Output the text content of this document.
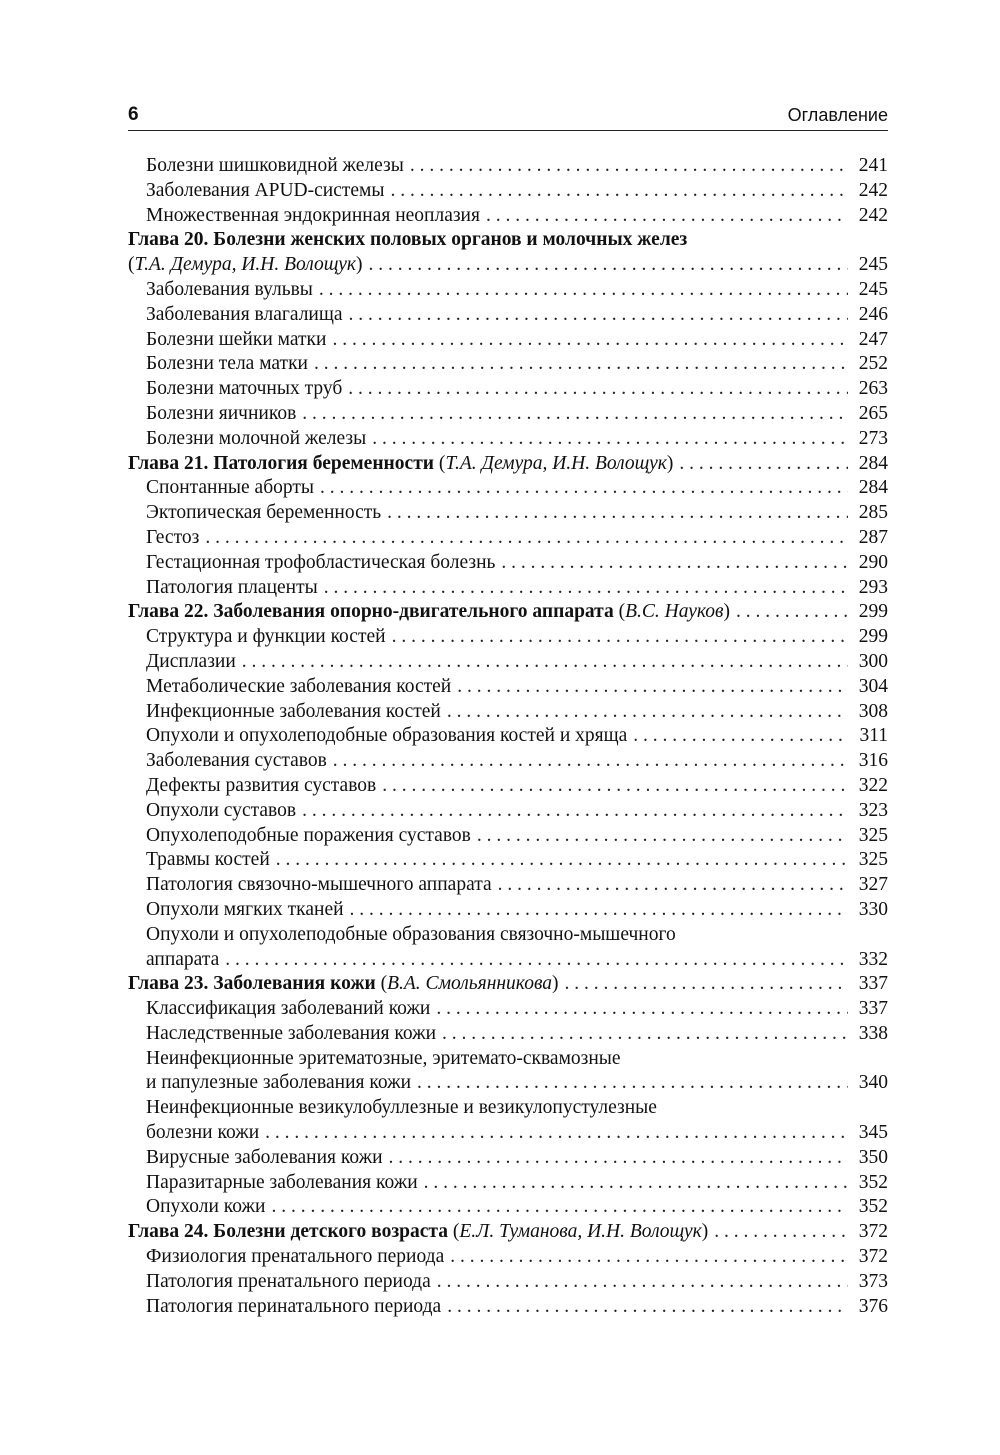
6	Оглавление
Болезни шишковидной железы . . .	241
Заболевания APUD-системы . . .	242
Множественная эндокринная неоплазия . . .	242
Глава 20. Болезни женских половых органов и молочных желез
(Т.А. Демура, И.Н. Волощук) . . .	245
Заболевания вульвы . . .	245
Заболевания влагалища . . .	246
Болезни шейки матки . . .	247
Болезни тела матки . . .	252
Болезни маточных труб . . .	263
Болезни яичников . . .	265
Болезни молочной железы . . .	273
Глава 21. Патология беременности (Т.А. Демура, И.Н. Волощук) . . .	284
Спонтанные аборты . . .	284
Эктопическая беременность . . .	285
Гестоз . . .	287
Гестационная трофобластическая болезнь . . .	290
Патология плаценты . . .	293
Глава 22. Заболевания опорно-двигательного аппарата (В.С. Науков) . . .	299
Структура и функции костей . . .	299
Дисплазии . . .	300
Метаболические заболевания костей . . .	304
Инфекционные заболевания костей . . .	308
Опухоли и опухолеподобные образования костей и хряща . . .	311
Заболевания суставов . . .	316
Дефекты развития суставов . . .	322
Опухоли суставов . . .	323
Опухолеподобные поражения суставов . . .	325
Травмы костей . . .	325
Патология связочно-мышечного аппарата . . .	327
Опухоли мягких тканей . . .	330
Опухоли и опухолеподобные образования связочно-мышечного
аппарата . . .	332
Глава 23. Заболевания кожи (В.А. Смольянникова) . . .	337
Классификация заболеваний кожи . . .	337
Наследственные заболевания кожи . . .	338
Неинфекционные эритематозные, эритемато-сквамозные
и папулезные заболевания кожи . . .	340
Неинфекционные везикулобуллезные и везикулопустулезные
болезни кожи . . .	345
Вирусные заболевания кожи . . .	350
Паразитарные заболевания кожи . . .	352
Опухоли кожи . . .	352
Глава 24. Болезни детского возраста (Е.Л. Туманова, И.Н. Волощук) . . .	372
Физиология пренатального периода . . .	372
Патология пренатального периода . . .	373
Патология перинатального периода . . .	376
